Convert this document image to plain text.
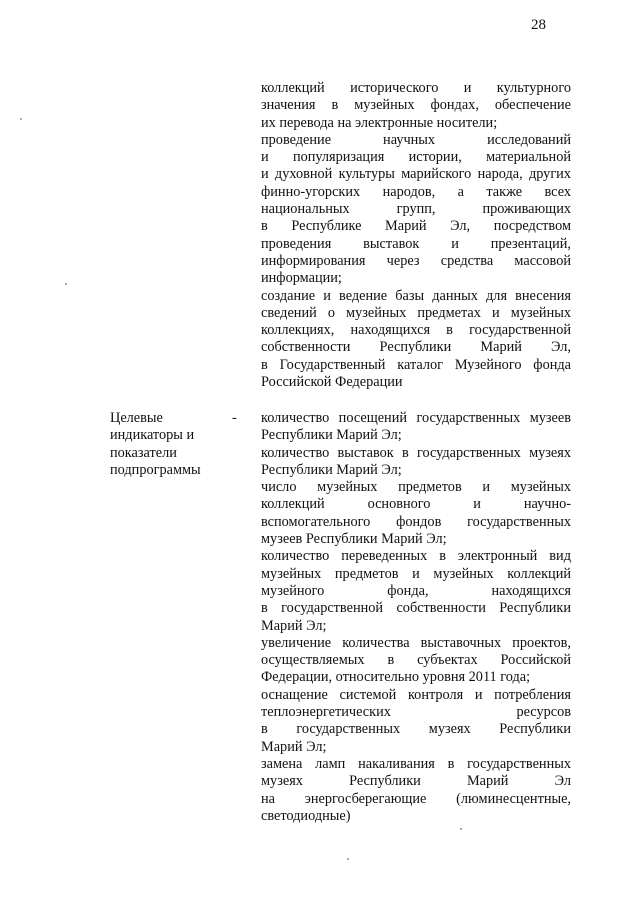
28
коллекций исторического и культурного
значения в музейных фондах, обеспечение
их перевода на электронные носители;
проведение научных исследований
и популяризация истории, материальной
и духовной культуры марийского народа, других
финно-угорских народов, а также всех
национальных групп, проживающих
в Республике Марий Эл, посредством
проведения выставок и презентаций,
информирования через средства массовой
информации;
создание и ведение базы данных для внесения
сведений о музейных предметах и музейных
коллекциях, находящихся в государственной
собственности Республики Марий Эл,
в Государственный каталог Музейного фонда
Российской Федерации
Целевые
индикаторы и
показатели
подпрограммы
- количество посещений государственных музеев
Республики Марий Эл;
количество выставок в государственных музеях
Республики Марий Эл;
число музейных предметов и музейных
коллекций основного и научно-
вспомогательного фондов государственных
музеев Республики Марий Эл;
количество переведенных в электронный вид
музейных предметов и музейных коллекций
музейного фонда, находящихся
в государственной собственности Республики
Марий Эл;
увеличение количества выставочных проектов,
осуществляемых в субъектах Российской
Федерации, относительно уровня 2011 года;
оснащение системой контроля и потребления
теплоэнергетических ресурсов
в государственных музеях Республики
Марий Эл;
замена ламп накаливания в государственных
музеях Республики Марий Эл
на энергосберегающие (люминесцентные,
светодиодные)
